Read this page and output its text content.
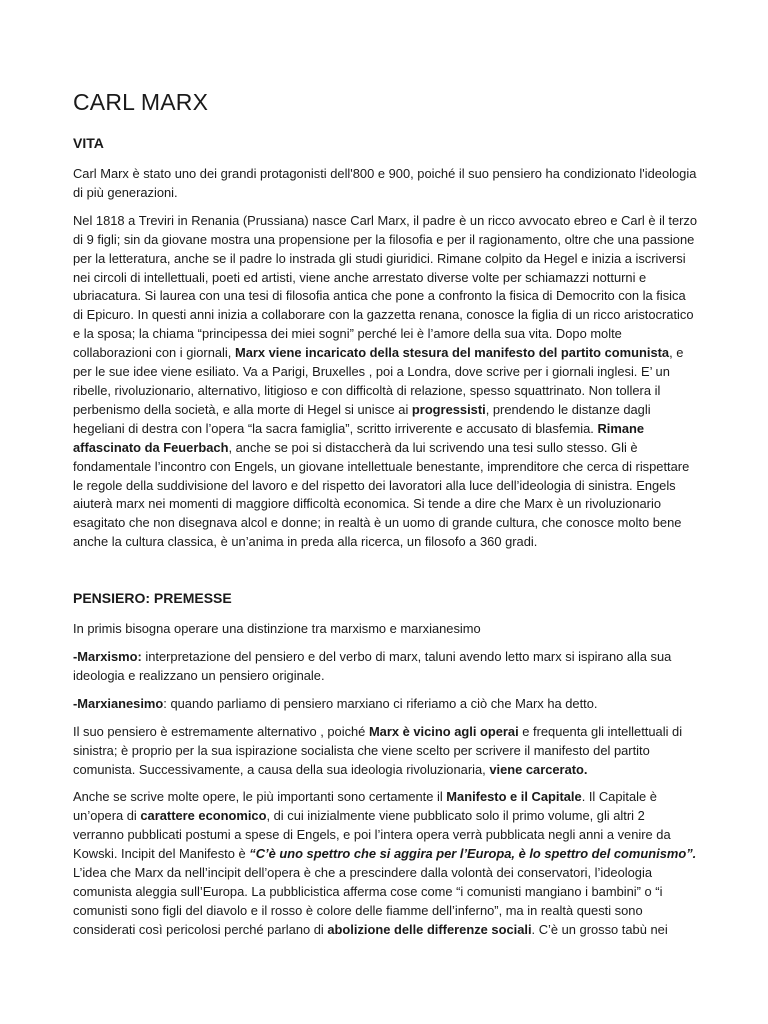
CARL MARX
VITA

Carl Marx è stato uno dei grandi protagonisti dell'800 e 900, poiché il suo pensiero ha condizionato l'ideologia di più generazioni.

Nel 1818 a Treviri in Renania (Prussiana) nasce Carl Marx, il padre è un ricco avvocato ebreo e Carl è il terzo di 9 figli; sin da giovane mostra una propensione per la filosofia e per il ragionamento, oltre che una passione per la letteratura, anche se il padre lo instrada gli studi giuridici. Rimane colpito da Hegel e inizia a iscriversi nei circoli di intellettuali, poeti ed artisti, viene anche arrestato diverse volte per schiamazzi notturni e ubriacatura. Si laurea con una tesi di filosofia antica che pone a confronto la fisica di Democrito con la fisica di Epicuro. In questi anni inizia a collaborare con la gazzetta renana, conosce la figlia di un ricco aristocratico e la sposa; la chiama “principessa dei miei sogni” perché lei è l’amore della sua vita. Dopo molte collaborazioni con i giornali, Marx viene incaricato della stesura del manifesto del partito comunista, e per le sue idee viene esiliato. Va a Parigi, Bruxelles , poi a Londra, dove scrive per i giornali inglesi. E’ un ribelle, rivoluzionario, alternativo, litigioso e con difficoltà di relazione, spesso squattrinato. Non tollera il perbenismo della società, e alla morte di Hegel si unisce ai progressisti, prendendo le distanze dagli hegeliani di destra con l’opera “la sacra famiglia”, scritto irriverente e accusato di blasfemia. Rimane affascinato da Feuerbach, anche se poi si distaccherà da lui scrivendo una tesi sullo stesso. Gli è fondamentale l’incontro con Engels, un giovane intellettuale benestante, imprenditore che cerca di rispettare le regole della suddivisione del lavoro e del rispetto dei lavoratori alla luce dell’ideologia di sinistra. Engels aiuterà marx nei momenti di maggiore difficoltà economica. Si tende a dire che Marx è un rivoluzionario esagitato che non disegnava alcol e donne; in realtà è un uomo di grande cultura, che conosce molto bene anche la cultura classica, è un’anima in preda alla ricerca, un filosofo a 360 gradi.

PENSIERO: PREMESSE

In primis bisogna operare una distinzione tra marxismo e marxianesimo

-Marxismo: interpretazione del pensiero e del verbo di marx, taluni avendo letto marx si ispirano alla sua ideologia e realizzano un pensiero originale.

-Marxianesimo: quando parliamo di pensiero marxiano ci riferiamo a ciò che Marx ha detto.

Il suo pensiero è estremamente alternativo , poiché Marx è vicino agli operai e frequenta gli intellettuali di sinistra; è proprio per la sua ispirazione socialista che viene scelto per scrivere il manifesto del partito comunista. Successivamente, a causa della sua ideologia rivoluzionaria, viene carcerato.

Anche se scrive molte opere, le più importanti sono certamente il Manifesto e il Capitale. Il Capitale è un’opera di carattere economico, di cui inizialmente viene pubblicato solo il primo volume, gli altri 2 verranno pubblicati postumi a spese di Engels, e poi l’intera opera verrà pubblicata negli anni a venire da Kowski. Incipit del Manifesto è “C’è uno spettro che si aggira per l’Europa, è lo spettro del comunismo”. L’idea che Marx da nell’incipit dell’opera è che a prescindere dalla volontà dei conservatori, l’ideologia comunista aleggia sull’Europa. La pubblicistica afferma cose come “i comunisti mangiano i bambini” o “i comunisti sono figli del diavolo e il rosso è colore delle fiamme dell’inferno”, ma in realtà questi sono considerati così pericolosi perché parlano di abolizione delle differenze sociali. C’è un grosso tabù nei
